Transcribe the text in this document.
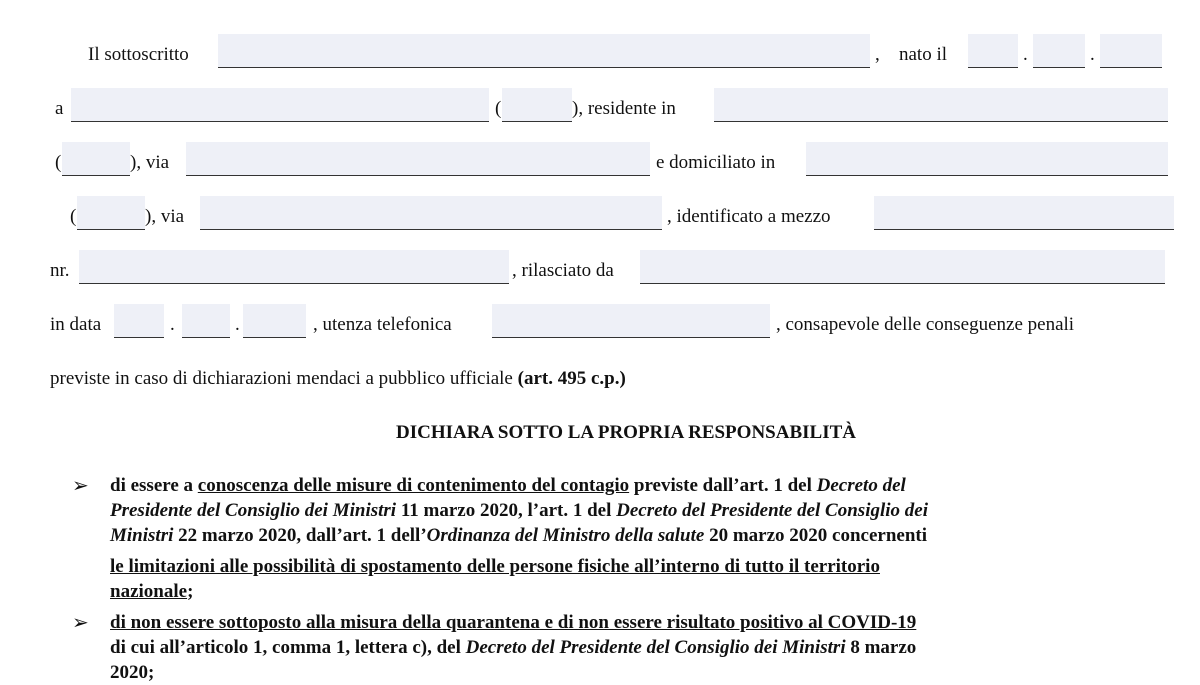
Il sottoscritto	, nato il	.	.
a	(	), residente in
(	), via	e domiciliato in
(	), via	, identificato a mezzo
nr.	, rilasciato da
in data	.	.	, utenza telefonica	, consapevole delle conseguenze penali
previste in caso di dichiarazioni mendaci a pubblico ufficiale (art. 495 c.p.)
DICHIARA SOTTO LA PROPRIA RESPONSABILITÀ
➢ di essere a conoscenza delle misure di contenimento del contagio previste dall’art. 1 del Decreto del
Presidente del Consiglio dei Ministri 11 marzo 2020, l’art. 1 del Decreto del Presidente del Consiglio dei
Ministri 22 marzo 2020, dall’art. 1 dell’Ordinanza del Ministro della salute 20 marzo 2020 concernenti
le limitazioni alle possibilità di spostamento delle persone fisiche all’interno di tutto il territorio
nazionale;
➢ di non essere sottoposto alla misura della quarantena e di non essere risultato positivo al COVID-19
di cui all’articolo 1, comma 1, lettera c), del Decreto del Presidente del Consiglio dei Ministri 8 marzo
2020;
